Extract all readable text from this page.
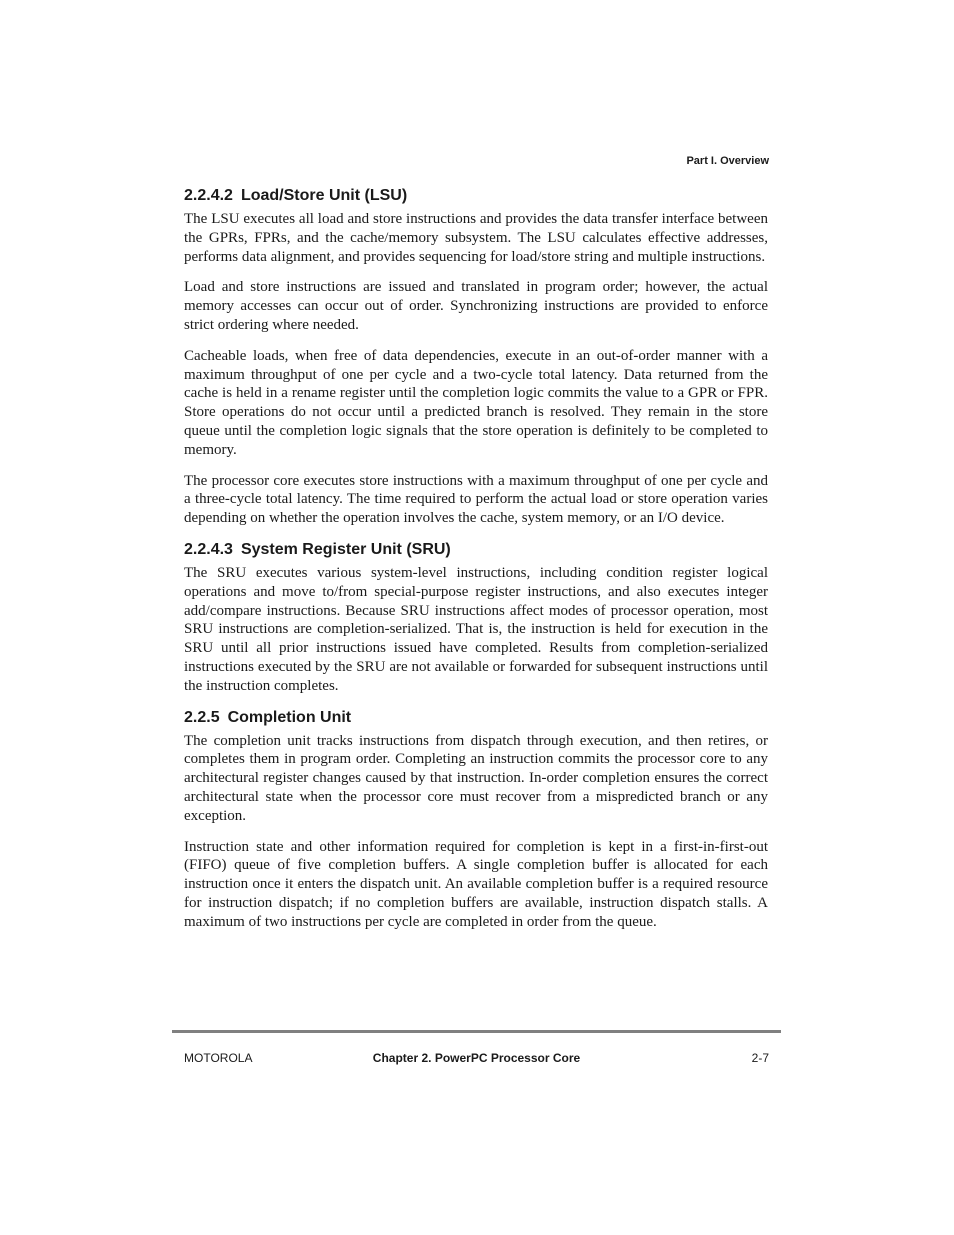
Part I. Overview
2.2.4.2 Load/Store Unit (LSU)

The LSU executes all load and store instructions and provides the data transfer interface between the GPRs, FPRs, and the cache/memory subsystem. The LSU calculates effective addresses, performs data alignment, and provides sequencing for load/store string and multiple instructions.

Load and store instructions are issued and translated in program order; however, the actual memory accesses can occur out of order. Synchronizing instructions are provided to enforce strict ordering where needed.

Cacheable loads, when free of data dependencies, execute in an out-of-order manner with a maximum throughput of one per cycle and a two-cycle total latency. Data returned from the cache is held in a rename register until the completion logic commits the value to a GPR or FPR. Store operations do not occur until a predicted branch is resolved. They remain in the store queue until the completion logic signals that the store operation is definitely to be completed to memory.

The processor core executes store instructions with a maximum throughput of one per cycle and a three-cycle total latency. The time required to perform the actual load or store operation varies depending on whether the operation involves the cache, system memory, or an I/O device.

2.2.4.3 System Register Unit (SRU)

The SRU executes various system-level instructions, including condition register logical operations and move to/from special-purpose register instructions, and also executes integer add/compare instructions. Because SRU instructions affect modes of processor operation, most SRU instructions are completion-serialized. That is, the instruction is held for execution in the SRU until all prior instructions issued have completed. Results from completion-serialized instructions executed by the SRU are not available or forwarded for subsequent instructions until the instruction completes.

2.2.5 Completion Unit

The completion unit tracks instructions from dispatch through execution, and then retires, or completes them in program order. Completing an instruction commits the processor core to any architectural register changes caused by that instruction. In-order completion ensures the correct architectural state when the processor core must recover from a mispredicted branch or any exception.

Instruction state and other information required for completion is kept in a first-in-first-out (FIFO) queue of five completion buffers. A single completion buffer is allocated for each instruction once it enters the dispatch unit. An available completion buffer is a required resource for instruction dispatch; if no completion buffers are available, instruction dispatch stalls. A maximum of two instructions per cycle are completed in order from the queue.

MOTOROLA	Chapter 2. PowerPC Processor Core	2-7
